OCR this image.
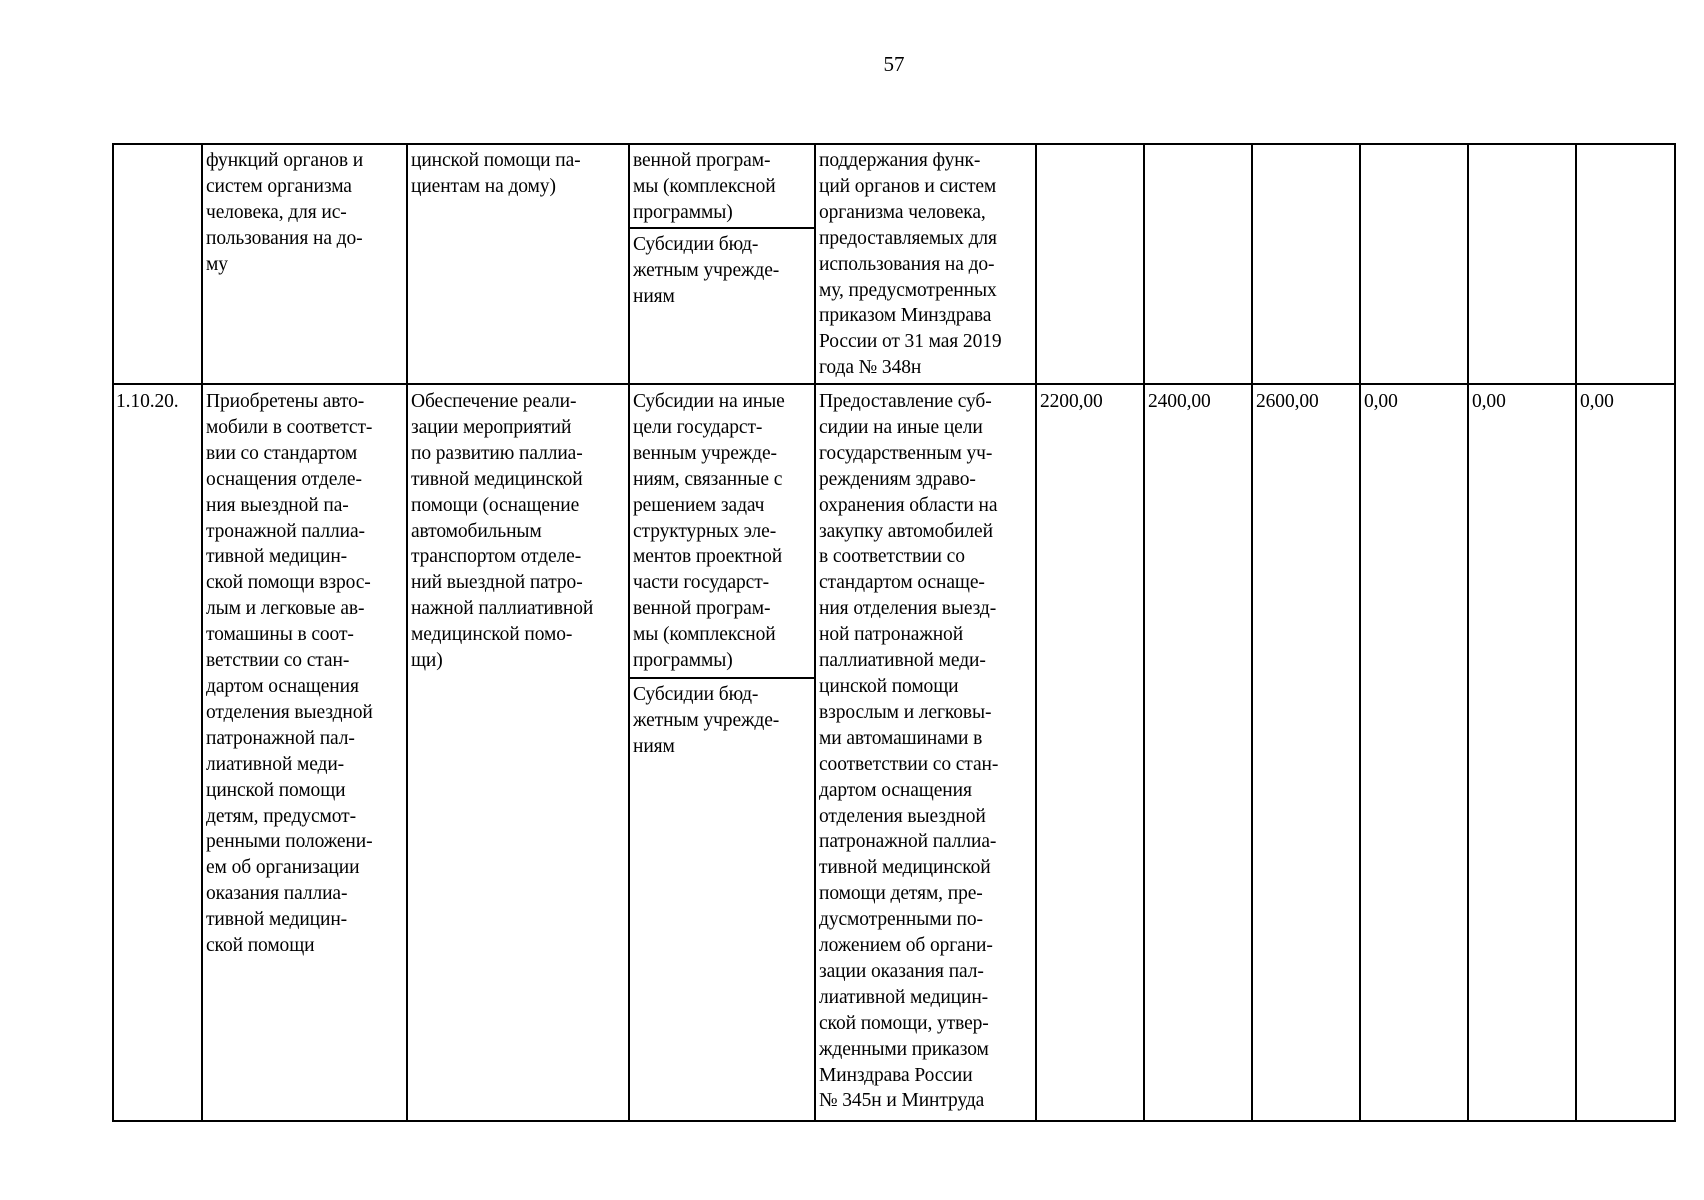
57
функций органов и
систем организма
человека, для ис-
пользования на до-
му
цинской помощи па-
циентам на дому)
венной програм-
мы (комплексной
программы)
Субсидии бюд-
жетным учрежде-
ниям
поддержания функ-
ций органов и систем
организма человека,
предоставляемых для
использования на до-
му, предусмотренных
приказом Минздрава
России от 31 мая 2019
года № 348н
1.10.20. Приобретены авто-
мобили в соответст-
вии со стандартом
оснащения отделе-
ния выездной па-
тронажной паллиа-
тивной медицин-
ской помощи взрос-
лым и легковые ав-
томашины в соот-
ветствии со стан-
дартом оснащения
отделения выездной
патронажной пал-
лиативной меди-
цинской помощи
детям, предусмот-
ренными положени-
ем об организации
оказания паллиа-
тивной медицин-
ской помощи
Обеспечение реали-
зации мероприятий
по развитию паллиа-
тивной медицинской
помощи (оснащение
автомобильным
транспортом отделе-
ний выездной патро-
нажной паллиативной
медицинской помо-
щи)
Субсидии на иные
цели государст-
венным учрежде-
ниям, связанные с
решением задач
структурных эле-
ментов проектной
части государст-
венной програм-
мы (комплексной
программы)
Субсидии бюд-
жетным учрежде-
ниям
Предоставление суб-
сидии на иные цели
государственным уч-
реждениям здраво-
охранения области на
закупку автомобилей
в соответствии со
стандартом оснаще-
ния отделения выезд-
ной патронажной
паллиативной меди-
цинской помощи
взрослым и легковы-
ми автомашинами в
соответствии со стан-
дартом оснащения
отделения выездной
патронажной паллиа-
тивной медицинской
помощи детям, пре-
дусмотренными по-
ложением об органи-
зации оказания пал-
лиативной медицин-
ской помощи, утвер-
жденными приказом
Минздрава России
№ 345н и Минтруда
2200,00 2400,00 2600,00 0,00	0,00	0,00
